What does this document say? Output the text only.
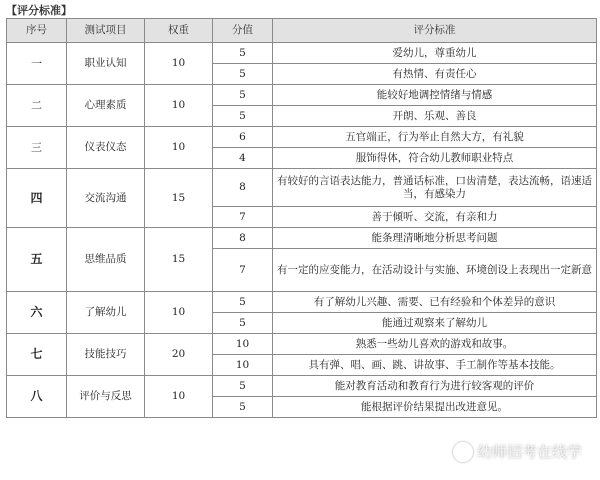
【评分标准】
序号	测试项目	权重	分值	评分标准
一	职业认知	10	5	爱幼儿，尊重幼儿
			5	有热情、有责任心
二	心理素质	10	5	能较好地调控情绪与情感
			5	开朗、乐观、善良
三	仪表仪态	10	6	五官端正，行为举止自然大方，有礼貌
			4	服饰得体，符合幼儿教师职业特点
四	交流沟通	15	8	有较好的言语表达能力，普通话标准，口齿清楚，表达流畅，语速适当，有感染力
			7	善于倾听、交流，有亲和力
五	思维品质	15	8	能条理清晰地分析思考问题
			7	有一定的应变能力，在活动设计与实施、环境创设上表现出一定新意
六	了解幼儿	10	5	有了解幼儿兴趣、需要、已有经验和个体差异的意识
			5	能通过观察来了解幼儿
七	技能技巧	20	10	熟悉一些幼儿喜欢的游戏和故事。
			10	具有弹、唱、画、跳、讲故事、手工制作等基本技能。
八	评价与反思	10	5	能对教育活动和教育行为进行较客观的评价
			5	能根据评价结果提出改进意见。
幼师招考在线学
